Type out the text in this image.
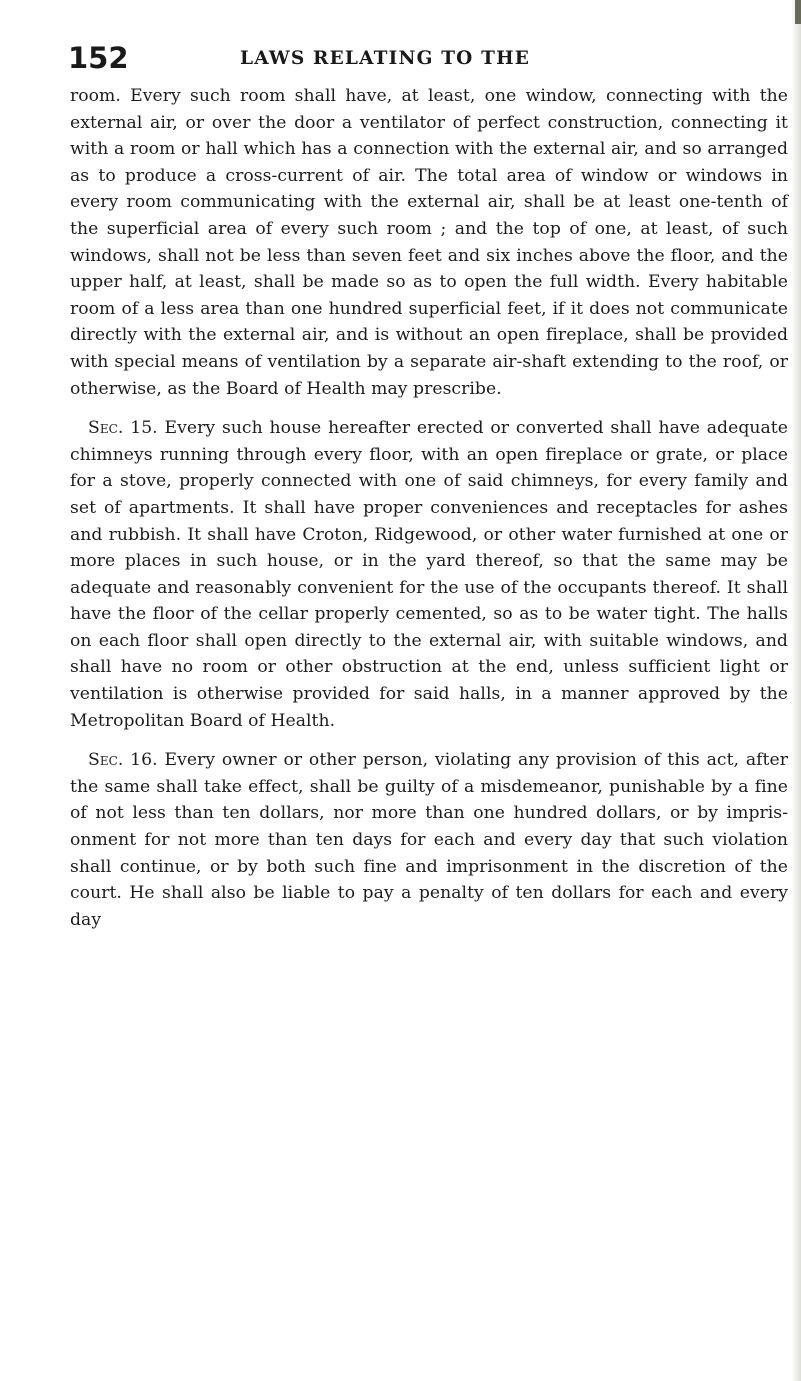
152	LAWS RELATING TO THE

room. Every such room shall have, at least, one window, connecting with the external air, or over the door a ventilator of perfect construction, connecting it with a room or hall which has a connection with the external air, and so arranged as to produce a cross-current of air. The total area of window or windows in every room communicating with the external air, shall be at least one-tenth of the superficial area of every such room ; and the top of one, at least, of such windows, shall not be less than seven feet and six inches above the floor, and the upper half, at least, shall be made so as to open the full width. Every habitable room of a less area than one hundred superficial feet, if it does not communicate directly with the external air, and is without an open fireplace, shall be provided with special means of ventilation by a separate air-shaft extending to the roof, or otherwise, as the Board of Health may prescribe.

Sec. 15. Every such house hereafter erected or converted shall have adequate chimneys running through every floor, with an open fireplace or grate, or place for a stove, properly connected with one of said chimneys, for every family and set of apartments. It shall have proper conveniences and receptacles for ashes and rubbish. It shall have Croton, Ridgewood, or other water furnished at one or more places in such house, or in the yard thereof, so that the same may be adequate and reasonably convenient for the use of the occupants thereof. It shall have the floor of the cellar properly cemented, so as to be water tight. The halls on each floor shall open directly to the external air, with suitable windows, and shall have no room or other obstruction at the end, unless sufficient light or ventilation is otherwise provided for said halls, in a manner approved by the Metropolitan Board of Health.

Sec. 16. Every owner or other person, violating any provision of this act, after the same shall take effect, shall be guilty of a misdemeanor, punishable by a fine of not less than ten dollars, nor more than one hundred dollars, or by imprisonment for not more than ten days for each and every day that such violation shall continue, or by both such fine and imprisonment in the discretion of the court. He shall also be liable to pay a penalty of ten dollars for each and every day
